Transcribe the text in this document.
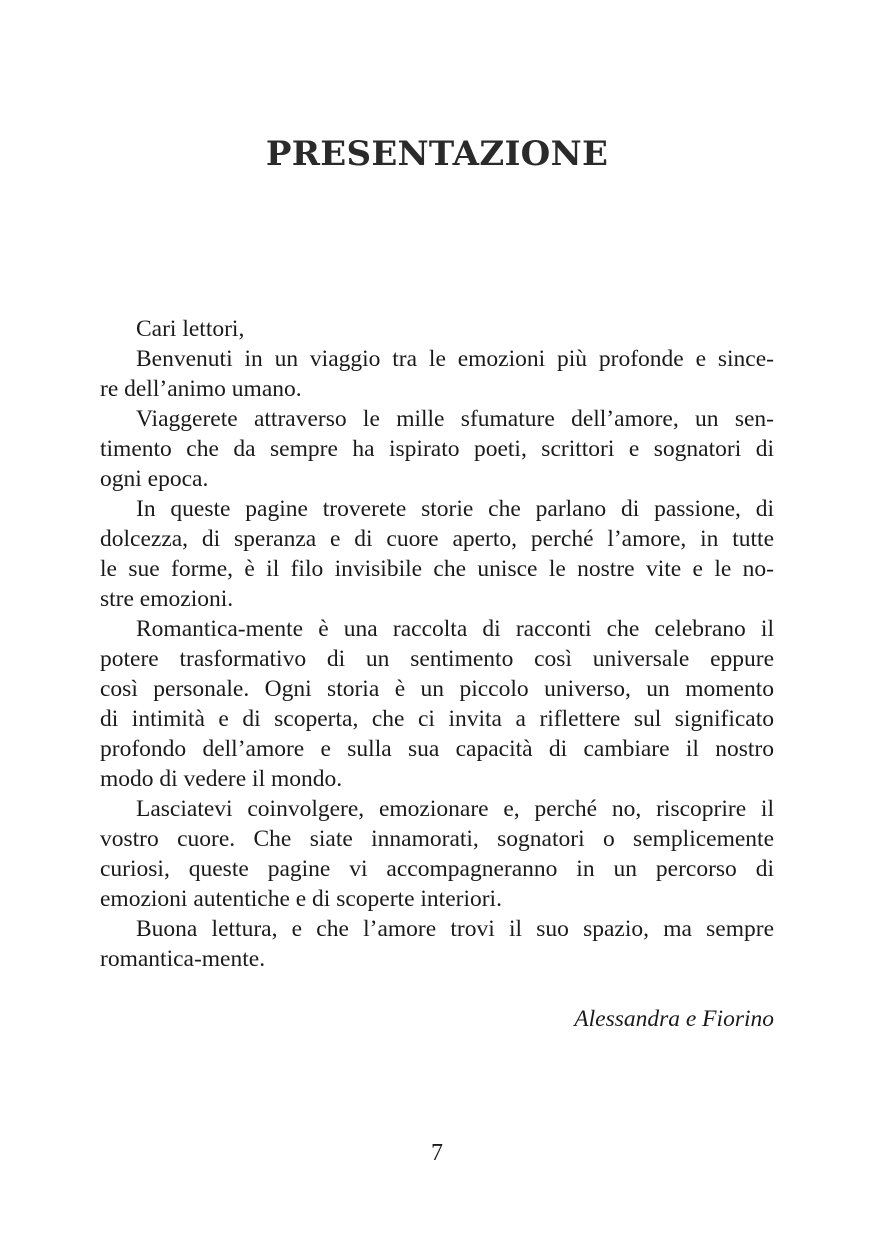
PRESENTAZIONE
Cari lettori,
Benvenuti in un viaggio tra le emozioni più profonde e since-
re dell’animo umano.
Viaggerete attraverso le mille sfumature dell’amore, un sen-
timento che da sempre ha ispirato poeti, scrittori e sognatori di
ogni epoca.
In queste pagine troverete storie che parlano di passione, di
dolcezza, di speranza e di cuore aperto, perché l’amore, in tutte
le sue forme, è il filo invisibile che unisce le nostre vite e le no-
stre emozioni.
Romantica-mente è una raccolta di racconti che celebrano il
potere trasformativo di un sentimento così universale eppure
così personale. Ogni storia è un piccolo universo, un momento
di intimità e di scoperta, che ci invita a riflettere sul significato
profondo dell’amore e sulla sua capacità di cambiare il nostro
modo di vedere il mondo.
Lasciatevi coinvolgere, emozionare e, perché no, riscoprire il
vostro cuore. Che siate innamorati, sognatori o semplicemente
curiosi, queste pagine vi accompagneranno in un percorso di
emozioni autentiche e di scoperte interiori.
Buona lettura, e che l’amore trovi il suo spazio, ma sempre
romantica-mente.
Alessandra e Fiorino
7
